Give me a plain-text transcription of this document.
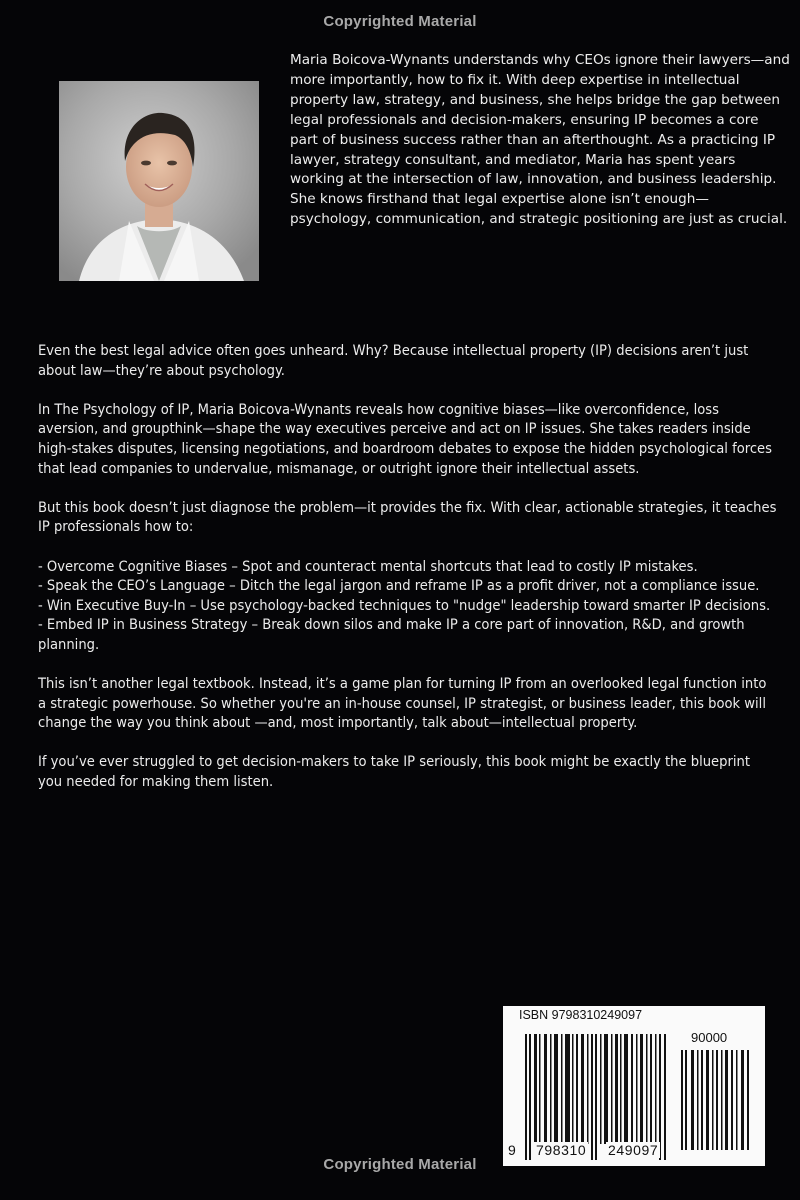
Copyrighted Material
Maria Boicova-Wynants understands why CEOs ignore their lawyers—and more importantly, how to fix it. With deep expertise in intellectual property law, strategy, and business, she helps bridge the gap between legal professionals and decision-makers, ensuring IP becomes a core part of business success rather than an afterthought. As a practicing IP lawyer, strategy consultant, and mediator, Maria has spent years working at the intersection of law, innovation, and business leadership. She knows firsthand that legal expertise alone isn’t enough—psychology, communication, and strategic positioning are just as crucial.

Even the best legal advice often goes unheard. Why? Because intellectual property (IP) decisions aren’t just about law—they’re about psychology.

In The Psychology of IP, Maria Boicova-Wynants reveals how cognitive biases—like overconfidence, loss aversion, and groupthink—shape the way executives perceive and act on IP issues. She takes readers inside high-stakes disputes, licensing negotiations, and boardroom debates to expose the hidden psychological forces that lead companies to undervalue, mismanage, or outright ignore their intellectual assets.

But this book doesn’t just diagnose the problem—it provides the fix. With clear, actionable strategies, it teaches IP professionals how to:

- Overcome Cognitive Biases – Spot and counteract mental shortcuts that lead to costly IP mistakes.
- Speak the CEO’s Language – Ditch the legal jargon and reframe IP as a profit driver, not a compliance issue.
- Win Executive Buy-In – Use psychology-backed techniques to "nudge" leadership toward smarter IP decisions.
- Embed IP in Business Strategy – Break down silos and make IP a core part of innovation, R&D, and growth planning.

This isn’t another legal textbook. Instead, it’s a game plan for turning IP from an overlooked legal function into a strategic powerhouse. So whether you're an in-house counsel, IP strategist, or business leader, this book will change the way you think about —and, most importantly, talk about—intellectual property.

If you’ve ever struggled to get decision-makers to take IP seriously, this book might be exactly the blueprint you needed for making them listen.

ISBN 9798310249097
90000
9 798310 249097
Copyrighted Material
